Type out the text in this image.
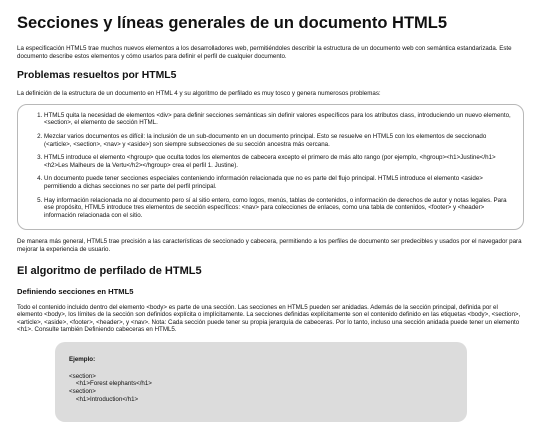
Secciones y líneas generales de un documento HTML5

La especificación HTML5 trae muchos nuevos elementos a los desarrolladores web, permitiéndoles describir la estructura de un documento web con semántica estandarizada. Este documento describe estos elementos y cómo usarlos para definir el perfil de cualquier documento.

Problemas resueltos por HTML5

La definición de la estructura de un documento en HTML 4 y su algoritmo de perfilado es muy tosco y genera numerosos problemas:

1. HTML5 quita la necesidad de elementos <div> para definir secciones semánticas sin definir valores específicos para los atributos class, introduciendo un nuevo elemento, <section>, el elemento de sección HTML.
2. Mezclar varios documentos es difícil: la inclusión de un sub-documento en un documento principal. Esto se resuelve en HTML5 con los elementos de seccionado (<article>, <section>, <nav> y <aside>) son siempre subsecciones de su sección ancestra más cercana.
3. HTML5 introduce el elemento <hgroup> que oculta todos los elementos de cabecera excepto el primero de más alto rango (por ejemplo, <hgroup><h1>Justine</h1><h2>Les Malheurs de la Vertu</h2></hgroup> crea el perfil 1. Justine).
4. Un documento puede tener secciones especiales conteniendo información relacionada que no es parte del flujo principal. HTML5 introduce el elemento <aside> permitiendo a dichas secciones no ser parte del perfil principal.
5. Hay información relacionada no al documento pero sí al sitio entero, como logos, menús, tablas de contenidos, o información de derechos de autor y notas legales. Para ese propósito, HTML5 introduce tres elementos de sección específicos: <nav> para colecciones de enlaces, como una tabla de contenidos, <footer> y <header> información relacionada con el sitio.

De manera más general, HTML5 trae precisión a las características de seccionado y cabecera, permitiendo a los perfiles de documento ser predecibles y usados por el navegador para mejorar la experiencia de usuario.

El algoritmo de perfilado de HTML5
Definiendo secciones en HTML5

Todo el contenido incluido dentro del elemento <body> es parte de una sección. Las secciones en HTML5 pueden ser anidadas. Además de la sección principal, definida por el elemento <body>, los límites de la sección son definidos explícita o implícitamente. La secciones definidas explícitamente son el contenido definido en las etiquetas <body>, <section>, <article>, <aside>, <footer>, <header>, y <nav>. Nota: Cada sección puede tener su propia jerarquía de cabeceras. Por lo tanto, incluso una sección anidada puede tener un elemento <h1>. Consulte también Definiendo cabeceras en HTML5.

Ejemplo:
<section>
<h1>Forest elephants</h1>
<section>
<h1>Introduction</h1>
